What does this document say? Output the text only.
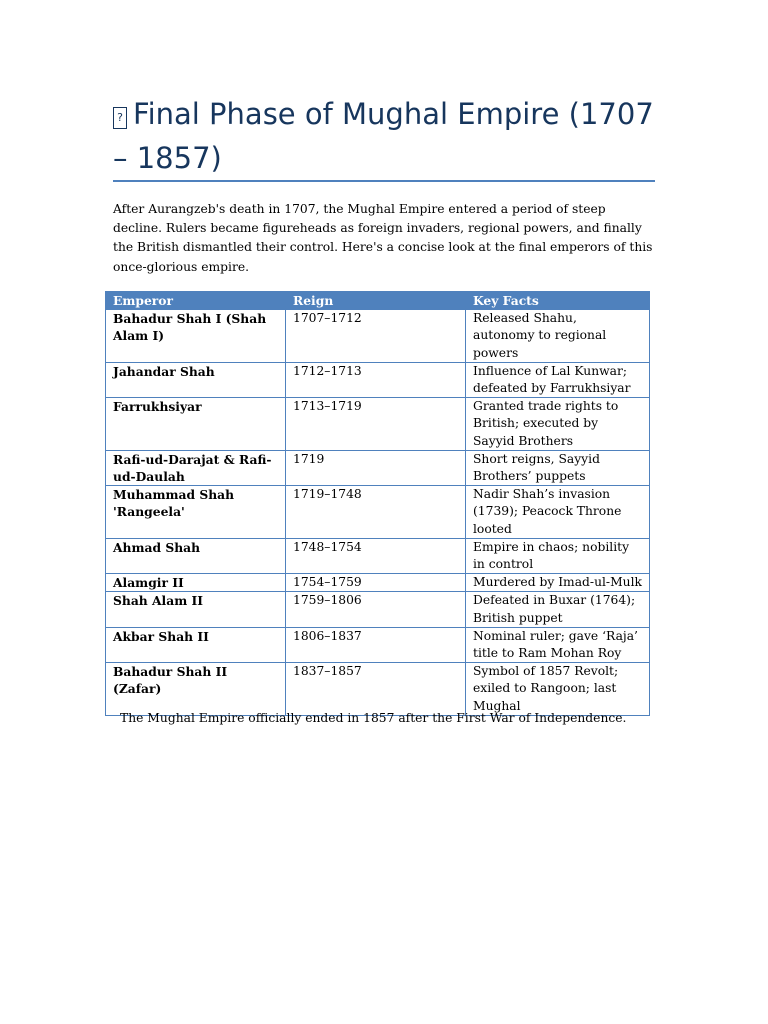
? Final Phase of Mughal Empire (1707 – 1857)

After Aurangzeb's death in 1707, the Mughal Empire entered a period of steep decline. Rulers became figureheads as foreign invaders, regional powers, and finally the British dismantled their control. Here's a concise look at the final emperors of this once-glorious empire.

Emperor	Reign	Key Facts
Bahadur Shah I (Shah Alam I)	1707–1712	Released Shahu, autonomy to regional powers
Jahandar Shah	1712–1713	Influence of Lal Kunwar; defeated by Farrukhsiyar
Farrukhsiyar	1713–1719	Granted trade rights to British; executed by Sayyid Brothers
Rafi-ud-Darajat & Rafi-ud-Daulah	1719	Short reigns, Sayyid Brothers’ puppets
Muhammad Shah 'Rangeela'	1719–1748	Nadir Shah’s invasion (1739); Peacock Throne looted
Ahmad Shah	1748–1754	Empire in chaos; nobility in control
Alamgir II	1754–1759	Murdered by Imad-ul-Mulk
Shah Alam II	1759–1806	Defeated in Buxar (1764); British puppet
Akbar Shah II	1806–1837	Nominal ruler; gave ‘Raja’ title to Ram Mohan Roy
Bahadur Shah II (Zafar)	1837–1857	Symbol of 1857 Revolt; exiled to Rangoon; last Mughal

The Mughal Empire officially ended in 1857 after the First War of Independence.
